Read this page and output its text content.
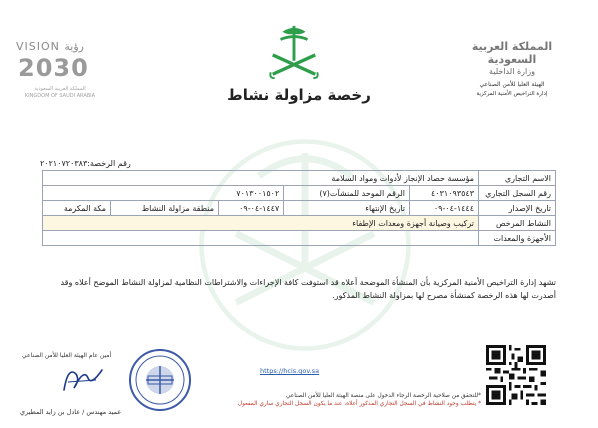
VISION رؤية
2030
المملكة العربية السعودية
KINGDOM OF SAUDI ARABIA	رخصة مزاولة نشاط
المملكة العربية السعودية
وزارة الداخلية
الهيئة العليا للأمن الصناعي
إدارة التراخيص الأمنية المركزية
رقم الرخصة:٢٠٢١٠٧٢٠٣٨٣
الاسم التجاري	مؤسسة حصاد الإنجاز لأدوات ومواد السلامة				
رقم السجل التجاري	٤٠٣١٠٩٣٥٤٣	الرقم الموحد للمنشآت(٧)	٧٠١٣٠٠١٥٠٢		
تاريخ الإصدار	١٤٤٤-٠٤-٠٩	تاريخ الإنتهاء	١٤٤٧-٠٤-٠٩	منطقة مزاولة النشاط	مكة المكرمة
النشاط المرخص	تركيب وصيانة أجهزة ومعدات الإطفاء				
الأجهزة والمعدات					
تشهد إدارة التراخيص الأمنية المركزية بأن المنشأة الموضحة أعلاه قد استوفت كافة الإجراءات والاشتراطات النظامية لمزاولة النشاط الموضح أعلاه وقد أصدرت لها هذه الرخصة كمنشأة مصرح لها بمزاولة النشاط المذكور.
https://hcis.gov.sa
*للتحقق من صلاحية الرخصة الرجاء الدخول على منصة الهيئة العليا للأمن الصناعي
* يتطلب وجود النشاط في السجل التجاري المذكور أعلاه، عند ما يكون السجل التجاري ساري المفعول
أمين عام الهيئة العليا للأمن الصناعي
عميد مهندس / عادل بن زايد المطيري
